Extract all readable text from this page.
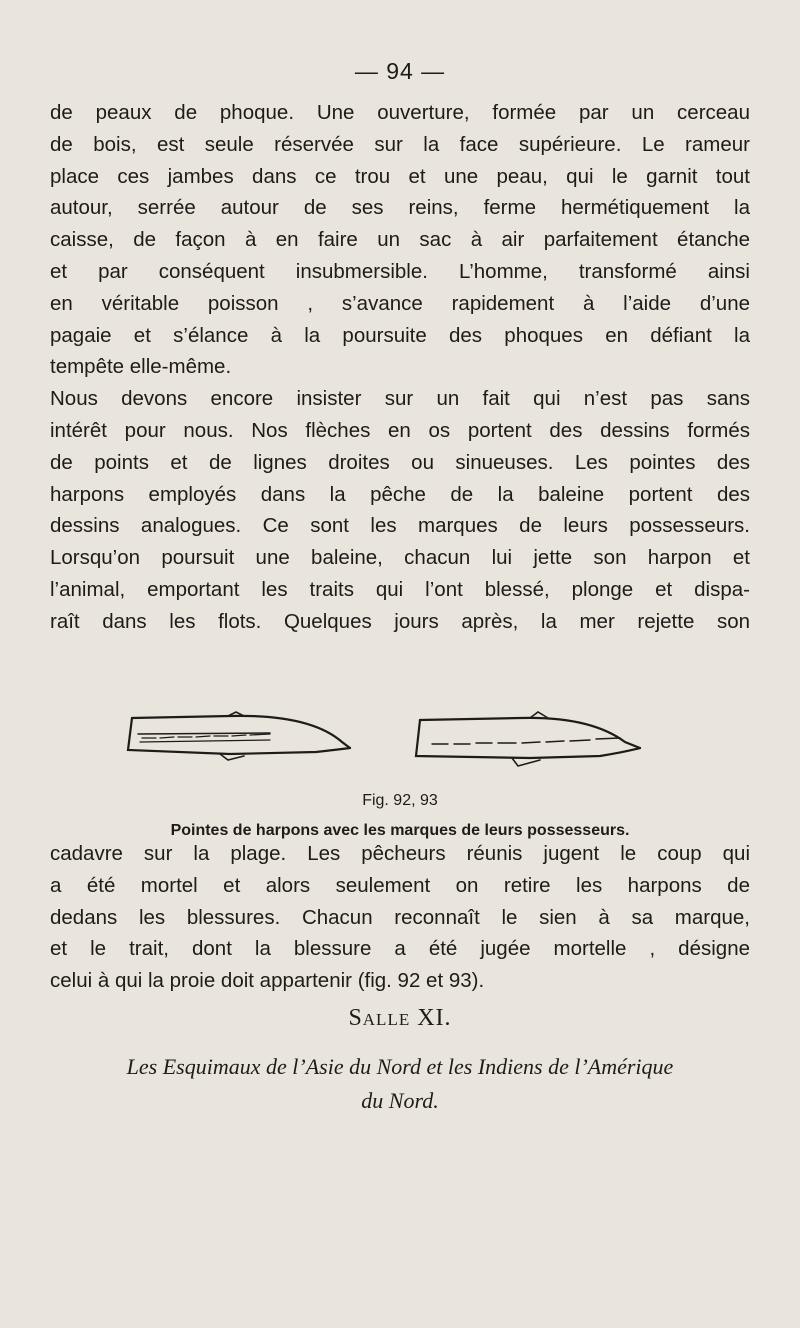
— 94 —
de peaux de phoque. Une ouverture, formée par un cerceau
de bois, est seule réservée sur la face supérieure. Le rameur
place ces jambes dans ce trou et une peau, qui le garnit tout
autour, serrée autour de ses reins, ferme hermétiquement la
caisse, de façon à en faire un sac à air parfaitement étanche
et par conséquent insubmersible. L’homme, transformé ainsi
en véritable poisson , s’avance rapidement à l’aide d’une
pagaie et s’élance à la poursuite des phoques en défiant la
tempête elle-même.
Nous devons encore insister sur un fait qui n’est pas sans
intérêt pour nous. Nos flèches en os portent des dessins formés
de points et de lignes droites ou sinueuses. Les pointes des
harpons employés dans la pêche de la baleine portent des
dessins analogues. Ce sont les marques de leurs possesseurs.
Lorsqu’on poursuit une baleine, chacun lui jette son harpon et
l’animal, emportant les traits qui l’ont blessé, plonge et dispa-
raît dans les flots. Quelques jours après, la mer rejette son
Fig. 92, 93
Pointes de harpons avec les marques de leurs possesseurs.
cadavre sur la plage. Les pêcheurs réunis jugent le coup qui
a été mortel et alors seulement on retire les harpons de
dedans les blessures. Chacun reconnaît le sien à sa marque,
et le trait, dont la blessure a été jugée mortelle , désigne
celui à qui la proie doit appartenir (fig. 92 et 93).
Salle XI.
Les Esquimaux de l’Asie du Nord et les Indiens de l’Amérique
du Nord.
